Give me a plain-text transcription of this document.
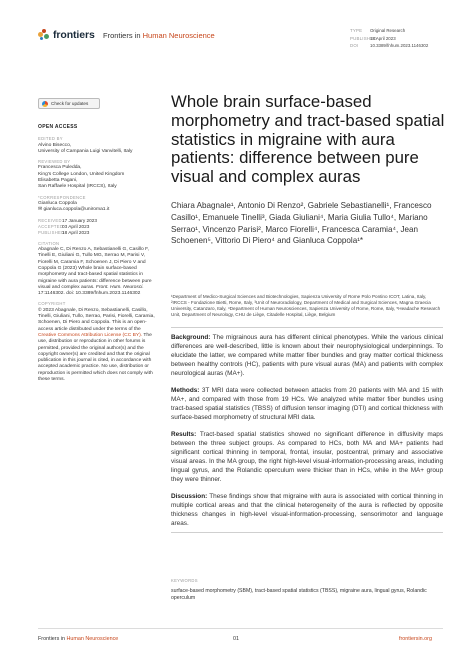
frontiers Frontiers in Human Neuroscience
TYPE Original Research
PUBLISHED18 April 2023
DOI	10.3389/fnhum.2023.1146302
Check for updates
OPEN ACCESS
EDITED BY
Alvino Bisecco,
University of Campania Luigi Vanvitelli, Italy
REVIEWED BY
Francesca Puledda,
King's College London, United Kingdom
Elisabetta Pagani,
San Raffaele Hospital (IRCCS), Italy
*CORRESPONDENCE
Gianluca Coppola
✉ gianluca.coppola@uniroma1.it
RECEIVED 17 January 2023
ACCEPTED
03 April 2023
PUBLISHED
18 April 2023
CITATION
Abagnale C, Di Renzo A, Sebastianelli G, Casillo F, Tinelli E, Giuliani G, Tullo MG, Serrao M, Parisi V, Fiorelli M, Caramia F, Schoenen J, Di Piero V and Coppola G (2023) Whole brain surface-based morphometry and tract-based spatial statistics in migraine with aura patients: difference between pure visual and complex auras. Front. Hum. Neurosci. 17:1146302. doi: 10.3389/fnhum.2023.1146302
COPYRIGHT
© 2023 Abagnale, Di Renzo, Sebastianelli, Casillo, Tinelli, Giuliani, Tullo, Serrao, Parisi, Fiorelli, Caramia, Schoenen, Di Piero and Coppola. This is an open-access article distributed under the terms of the Creative Commons Attribution License (CC BY). The use, distribution or reproduction in other forums is permitted, provided the original author(s) and the copyright owner(s) are credited and that the original publication in this journal is cited, in accordance with accepted academic practice. No use, distribution or reproduction is permitted which does not comply with these terms.
Whole brain surface-based morphometry and tract-based spatial statistics in migraine with aura patients: difference between pure visual and complex auras
Chiara Abagnale¹, Antonio Di Renzo², Gabriele Sebastianelli¹, Francesco Casillo¹, Emanuele Tinelli³, Giada Giuliani⁴, Maria Giulia Tullo⁴, Mariano Serrao¹, Vincenzo Parisi², Marco Fiorelli⁴, Francesca Caramia⁴, Jean Schoenen⁵, Vittorio Di Piero⁴ and Gianluca Coppola¹*
¹Department of Medico-Surgical Sciences and Biotechnologies, Sapienza University of Rome Polo Pontino ICOT, Latina, Italy, ²IRCCS - Fondazione Bietti, Rome, Italy, ³Unit of Neuroradiology, Department of Medical and Surgical Sciences, Magna Graecia University, Catanzaro, Italy, ⁴Department of Human Neurosciences, Sapienza University of Rome, Rome, Italy, ⁵Headache Research Unit, Department of Neurology, CHU de Liège, Citadelle Hospital, Liège, Belgium

Background: The migrainous aura has different clinical phenotypes. While the various clinical differences are well-described, little is known about their neurophysiological underpinnings. To elucidate the latter, we compared white matter fiber bundles and gray matter cortical thickness between healthy controls (HC), patients with pure visual auras (MA) and patients with complex neurological auras (MA+).

Methods: 3T MRI data were collected between attacks from 20 patients with MA and 15 with MA+, and compared with those from 19 HCs. We analyzed white matter fiber bundles using tract-based spatial statistics (TBSS) of diffusion tensor imaging (DTI) and cortical thickness with surface-based morphometry of structural MRI data.

Results: Tract-based spatial statistics showed no significant difference in diffusivity maps between the three subject groups. As compared to HCs, both MA and MA+ patients had significant cortical thinning in temporal, frontal, insular, postcentral, primary and associative visual areas. In the MA group, the right high-level visual-information-processing areas, including lingual gyrus, and the Rolandic operculum were thicker than in HCs, while in the MA+ group they were thinner.

Discussion: These findings show that migraine with aura is associated with cortical thinning in multiple cortical areas and that the clinical heterogeneity of the aura is reflected by opposite thickness changes in high-level visual-information-processing, sensorimotor and language areas.

KEYWORDS
surface-based morphometry (SBM), tract-based spatial statistics (TBSS), migraine aura, lingual gyrus, Rolandic operculum
Frontiers in Human Neuroscience	01	frontiersin.org
